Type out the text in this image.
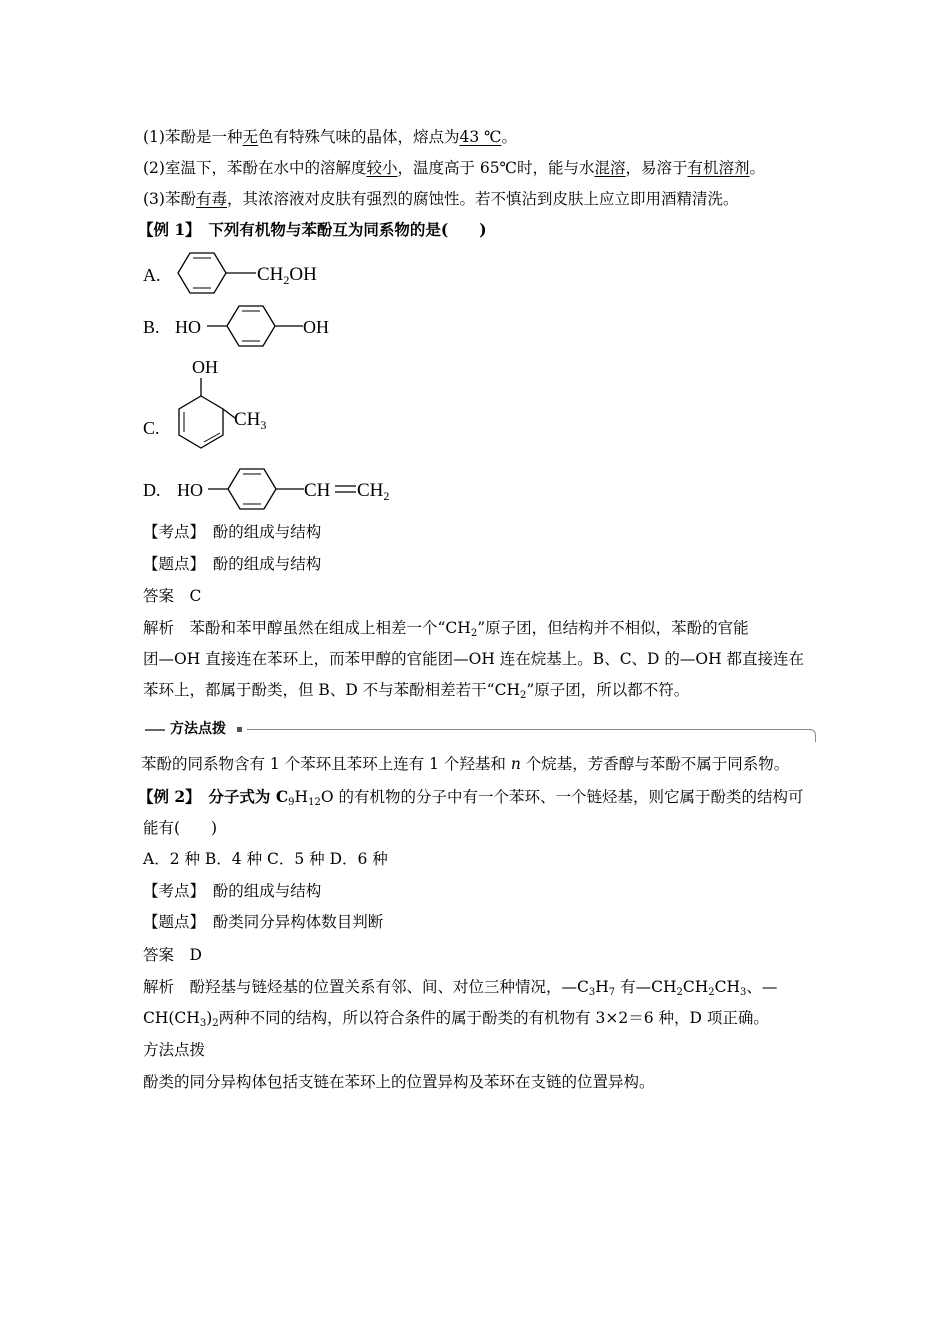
(1)苯酚是一种无色有特殊气味的晶体，熔点为43 ℃。
(2)室温下，苯酚在水中的溶解度较小，温度高于 65℃时，能与水混溶，易溶于有机溶剂。
(3)苯酚有毒，其浓溶液对皮肤有强烈的腐蚀性。若不慎沾到皮肤上应立即用酒精清洗。
【例 1】　下列有机物与苯酚互为同系物的是(　　)
A.	$CH_2OH$
B. HO	OH
OH
$CH_3$
C.
D. HO	CH $CH_2$
【考点】　酚的组成与结构
【题点】　酚的组成与结构
答案　C
解析　苯酚和苯甲醇虽然在组成上相差一个“$CH_2$”原子团，但结构并不相似，苯酚的官能
团—OH 直接连在苯环上，而苯甲醇的官能团—OH 连在烷基上。B、C、D 的—OH 都直接连在
苯环上，都属于酚类，但 B、D 不与苯酚相差若干“$CH_2$”原子团，所以都不符。
方法点拨
苯酚的同系物含有 1 个苯环且苯环上连有 1 个羟基和 n 个烷基，芳香醇与苯酚不属于同系物。
【例 2】　分子式为 $C_9H_{12}O$ 的有机物的分子中有一个苯环、一个链烃基，则它属于酚类的结构可
能有(　　)
A．2 种 B．4 种 C．5 种 D．6 种
【考点】　酚的组成与结构
【题点】　酚类同分异构体数目判断
答案　D
解析　酚羟基与链烃基的位置关系有邻、间、对位三种情况，$—C_3H_7$ 有$—CH_2CH_2CH_3$、—
$CH(CH_3)_2$两种不同的结构，所以符合条件的属于酚类的有机物有 3×2＝6 种，D 项正确。
方法点拨
酚类的同分异构体包括支链在苯环上的位置异构及苯环在支链的位置异构。
